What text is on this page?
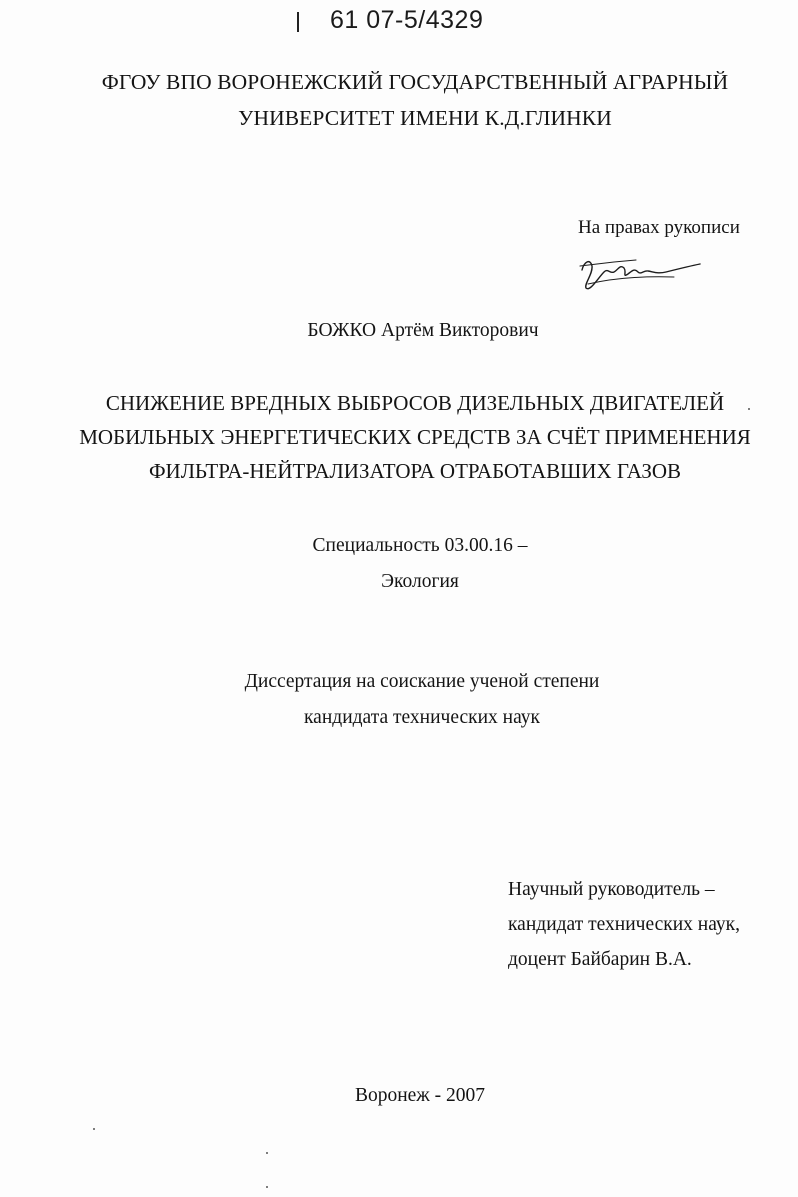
61 07-5/4329
ФГОУ ВПО ВОРОНЕЖСКИЙ ГОСУДАРСТВЕННЫЙ АГРАРНЫЙ
УНИВЕРСИТЕТ ИМЕНИ К.Д.ГЛИНКИ
На правах рукописи
БОЖКО Артём Викторович
СНИЖЕНИЕ ВРЕДНЫХ ВЫБРОСОВ ДИЗЕЛЬНЫХ ДВИГАТЕЛЕЙ
МОБИЛЬНЫХ ЭНЕРГЕТИЧЕСКИХ СРЕДСТВ ЗА СЧЁТ ПРИМЕНЕНИЯ
ФИЛЬТРА-НЕЙТРАЛИЗАТОРА ОТРАБОТАВШИХ ГАЗОВ
Специальность 03.00.16 –
Экология
Диссертация на соискание ученой степени
кандидата технических наук
Научный руководитель –
кандидат технических наук,
доцент Байбарин В.А.
Воронеж - 2007
